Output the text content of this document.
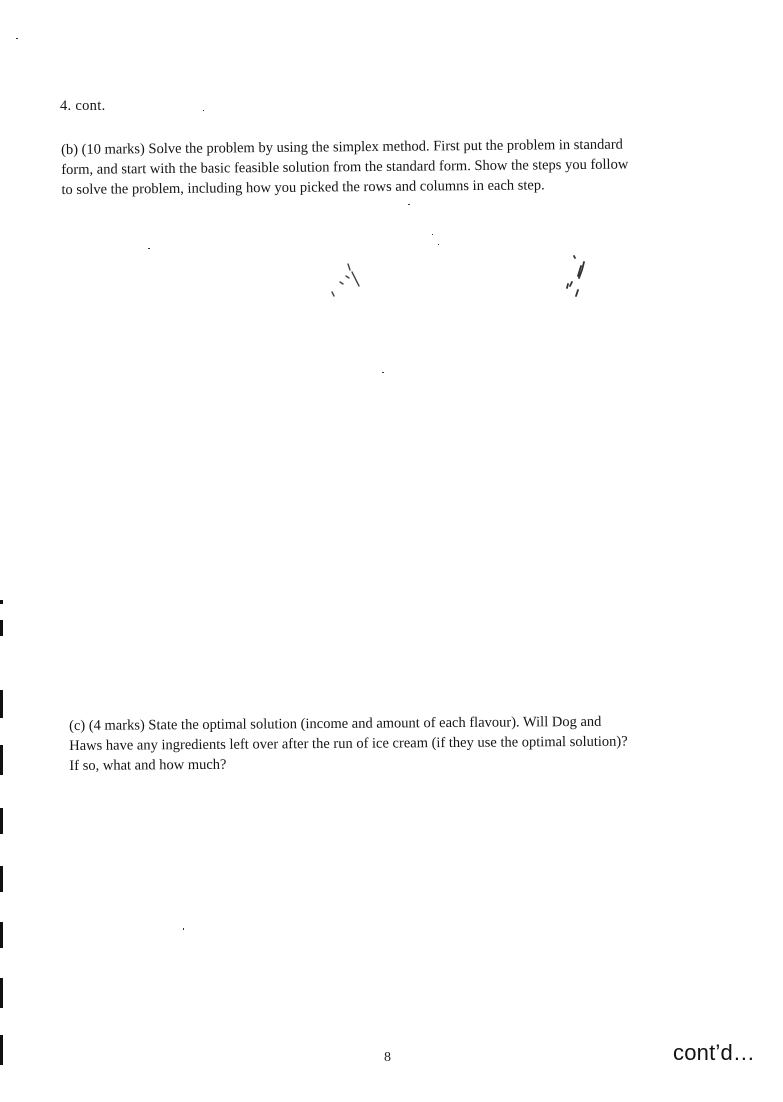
4. cont.
(b) (10 marks) Solve the problem by using the simplex method. First put the problem in standard
form, and start with the basic feasible solution from the standard form. Show the steps you follow
to solve the problem, including how you picked the rows and columns in each step.
(c) (4 marks) State the optimal solution (income and amount of each flavour). Will Dog and
Haws have any ingredients left over after the run of ice cream (if they use the optimal solution)?
If so, what and how much?
8	cont’d…
